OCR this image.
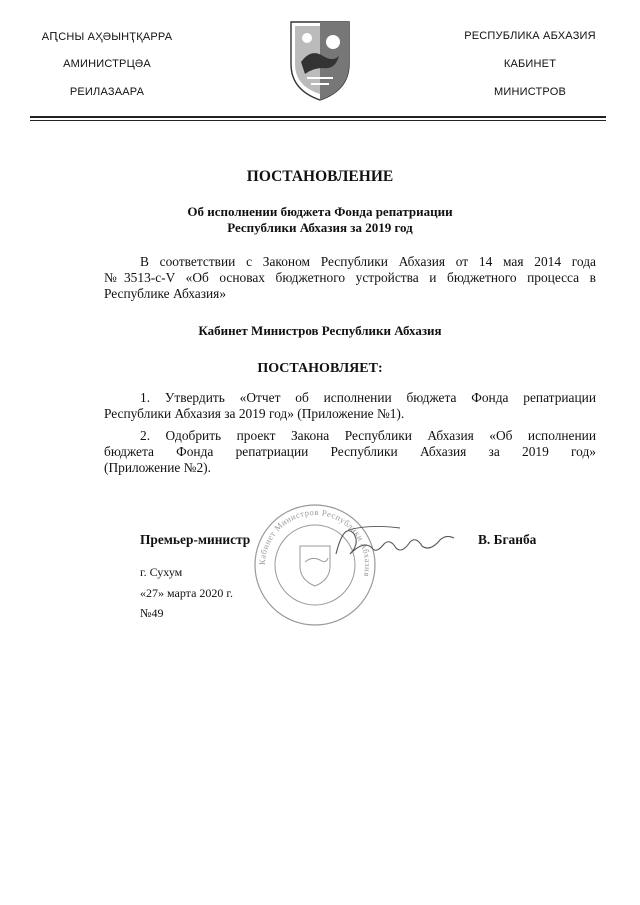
АԤСНЫ АҲӘЫНҬҚАРРА
АМИНИСТРЦӘА
РЕИЛАЗААРА
РЕСПУБЛИКА АБХАЗИЯ
КАБИНЕТ
МИНИСТРОВ
ПОСТАНОВЛЕНИЕ
Об исполнении бюджета Фонда репатриации
Республики Абхазия за 2019 год
В соответствии с Законом Республики Абхазия от 14 мая 2014 года
№3513-с-V «Об основах бюджетного устройства и бюджетного процесса в
Республике Абхазия»
Кабинет Министров Республики Абхазия
ПОСТАНОВЛЯЕТ:
1. Утвердить «Отчет об исполнении бюджета Фонда репатриации
Республики Абхазия за 2019 год» (Приложение №1).
2. Одобрить проект Закона Республики Абхазия «Об исполнении
бюджета Фонда репатриации Республики Абхазия за 2019 год»
(Приложение №2).
Кабинет Министров Республики Абхазия
Премьер-министр	В. Бганба
г. Сухум
«27» марта 2020 г.
№49
